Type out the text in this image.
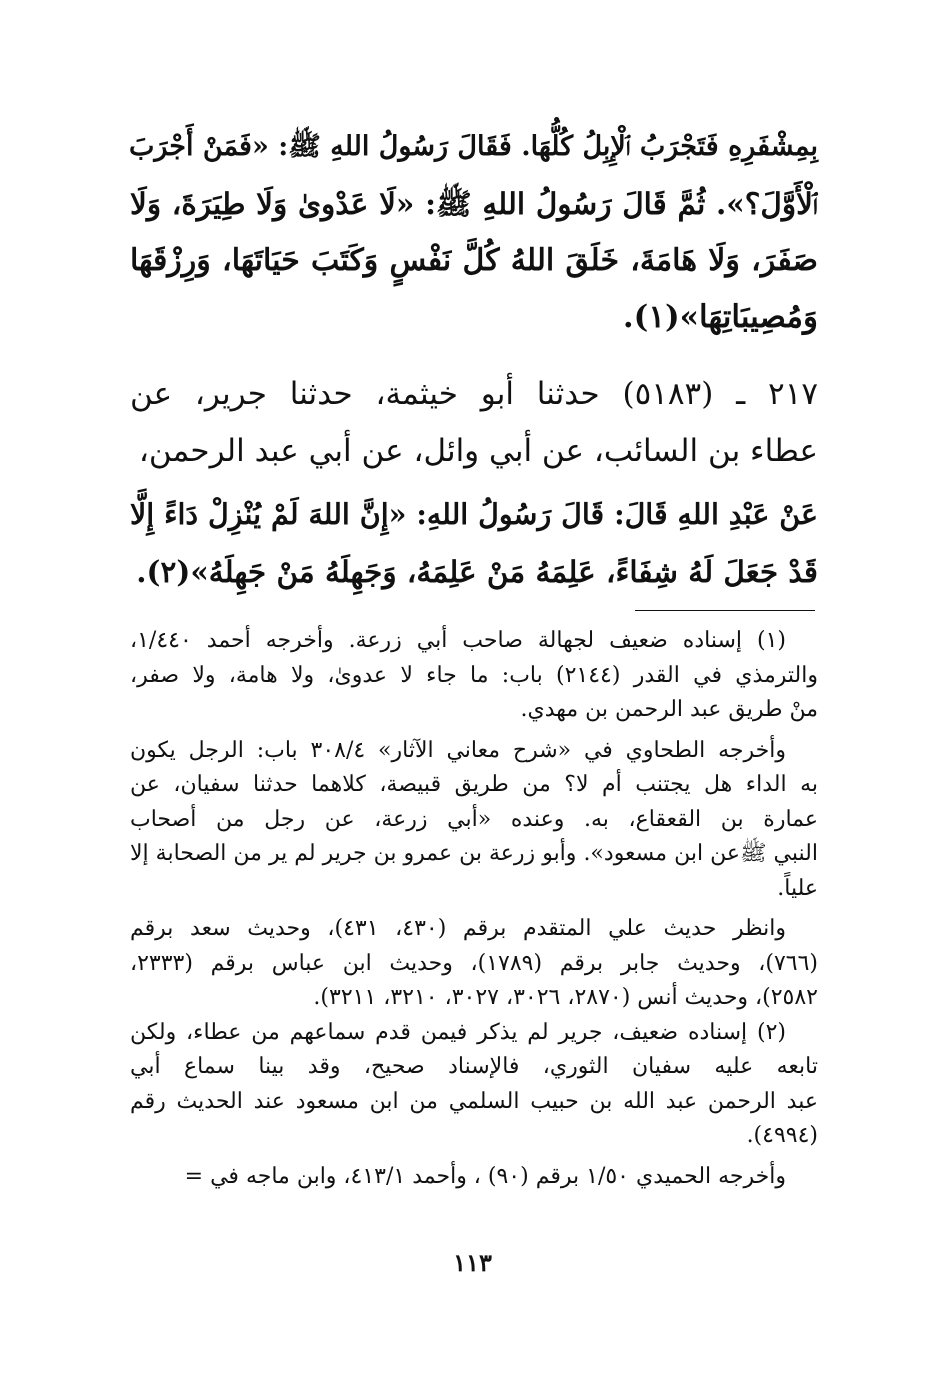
بِمِشْفَرِهِ فَتَجْرَبُ ٱلْإِبِلُ كُلُّهَا. فَقَالَ رَسُولُ اللهِ ﷺ: «فَمَنْ أَجْرَبَ
ٱلْأَوَّلَ؟». ثُمَّ قَالَ رَسُولُ اللهِ ﷺ: «لَا عَدْوىٰ وَلَا طِيَرَةَ، وَلَا
صَفَرَ، وَلَا هَامَةَ، خَلَقَ اللهُ كُلَّ نَفْسٍ وَكَتَبَ حَيَاتَهَا، وَرِزْقَهَا
وَمُصِيبَاتِهَا»(١).
٢١٧ ـ (٥١٨٣) حدثنا أبو خيثمة، حدثنا جرير، عن
عطاء بن السائب، عن أبي وائل، عن أبي عبد الرحمن،
عَنْ عَبْدِ اللهِ قَالَ: قَالَ رَسُولُ اللهِ: «إِنَّ اللهَ لَمْ يُنْزِلْ دَاءً إِلَّا
قَدْ جَعَلَ لَهُ شِفَاءً، عَلِمَهُ مَنْ عَلِمَهُ، وَجَهِلَهُ مَنْ جَهِلَهُ»(٢).
(١) إسناده ضعيف لجهالة صاحب أبي زرعة. وأخرجه أحمد ١/٤٤٠،
والترمذي في القدر (٢١٤٤) باب: ما جاء لا عدوىٰ، ولا هامة، ولا صفر،
منْ طريق عبد الرحمن بن مهدي.
وأخرجه الطحاوي في «شرح معاني الآثار» ٣٠٨/٤ باب: الرجل يكون
به الداء هل يجتنب أم لا؟ من طريق قبيصة، كلاهما حدثنا سفيان، عن
عمارة بن القعقاع، به. وعنده «أبي زرعة، عن رجل من أصحاب
النبي ﷺعن ابن مسعود». وأبو زرعة بن عمرو بن جرير لم ير من الصحابة إلا
علياً.
وانظر حديث علي المتقدم برقم (٤٣٠، ٤٣١)، وحديث سعد برقم
(٧٦٦)، وحديث جابر برقم (١٧٨٩)، وحديث ابن عباس برقم (٢٣٣٣،
٢٥٨٢)، وحديث أنس (٢٨٧٠، ٣٠٢٦، ٣٠٢٧، ٣٢١٠، ٣٢١١).
(٢) إسناده ضعيف، جرير لم يذكر فيمن قدم سماعهم من عطاء، ولكن
تابعه عليه سفيان الثوري، فالإسناد صحيح، وقد بينا سماع أبي
عبد الرحمن عبد الله بن حبيب السلمي من ابن مسعود عند الحديث رقم
(٤٩٩٤).
وأخرجه الحميدي ١/٥٠ برقم (٩٠) ، وأحمد ٤١٣/١، وابن ماجه في =
١١٣
